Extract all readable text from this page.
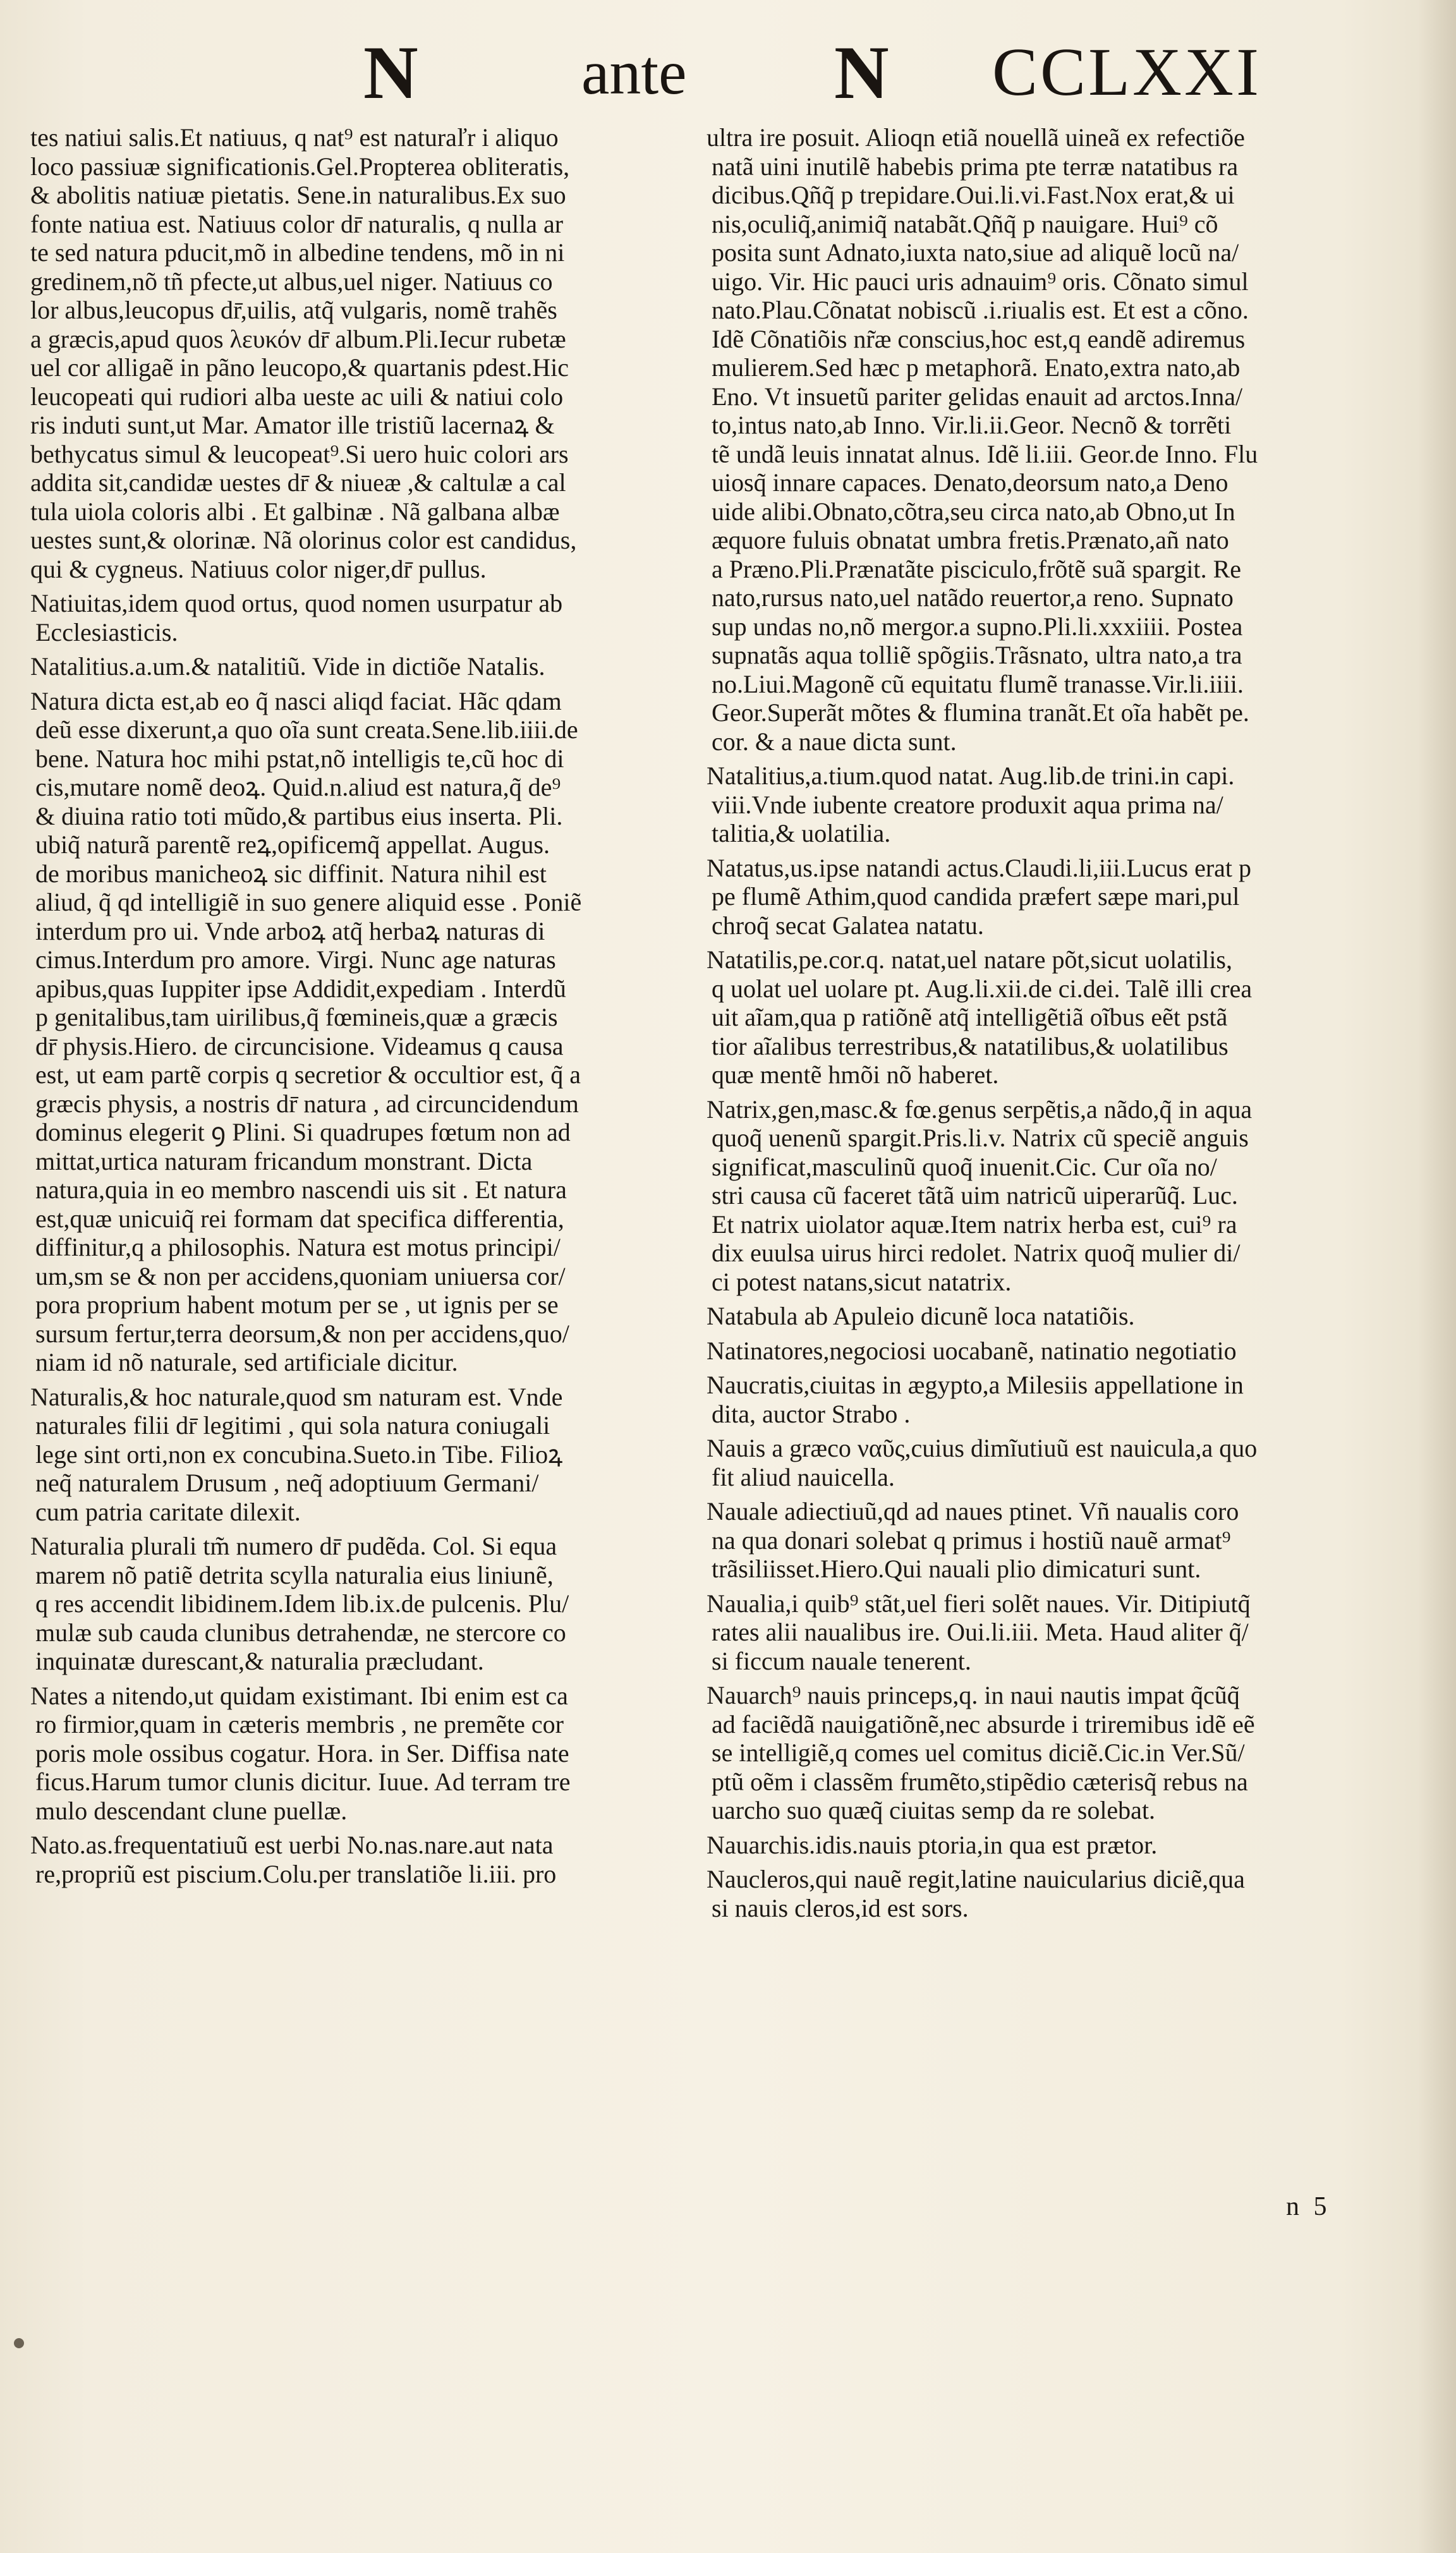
N	ante N CCLXXI
tes natiui salis.Et natiuus, q nat⁹ est naturaľr i aliquo
loco passiuæ significationis.Gel.Propterea obliteratis,
& abolitis natiuæ pietatis. Sene.in naturalibus.Ex suo
fonte natiua est. Natiuus color dr̄ naturalis, q nulla ar
te sed natura pducit,mõ in albedine tendens, mõ in ni
gredinem,nõ tñ pfecte,ut albus,uel niger. Natiuus co
lor albus,leucopus dr̄,uilis, atq̃ vulgaris, nomẽ trahẽs
a græcis,apud quos λευκόν dr̄ album.Pli.Iecur rubetæ
uel cor alligaẽ in pãno leucopo,& quartanis pdest.Hic
leucopeati qui rudiori alba ueste ac uili & natiui colo
ris induti sunt,ut Mar. Amator ille tristiũ lacernaꝝ &
bethycatus simul & leucopeat⁹.Si uero huic colori ars
addita sit,candidæ uestes dr̄ & niueæ ,& caltulæ a cal
tula uiola coloris albi . Et galbinæ . Nã galbana albæ
uestes sunt,& olorinæ. Nã olorinus color est candidus,
qui & cygneus. Natiuus color niger,dr̄ pullus.
Natiuitas,idem quod ortus, quod nomen usurpatur ab
Ecclesiasticis.
Natalitius.a.um.& natalitiũ. Vide in dictiõe Natalis.
Natura dicta est,ab eo q̃ nasci aliqd faciat. Hãc qdam
deũ esse dixerunt,a quo oĩa sunt creata.Sene.lib.iiii.de
bene. Natura hoc mihi pstat,nõ intelligis te,cũ hoc di
cis,mutare nomẽ deoꝝ. Quid.n.aliud est natura,q̃ de⁹
& diuina ratio toti mũdo,& partibus eius inserta. Pli.
ubiq̃ naturã parentẽ reꝝ,opificemq̃ appellat. Augus.
de moribus manicheoꝝ sic diffinit. Natura nihil est
aliud, q̃ qd intelligiẽ in suo genere aliquid esse . Poniẽ
interdum pro ui. Vnde arboꝝ atq̃ herbaꝝ naturas di
cimus.Interdum pro amore. Virgi. Nunc age naturas
apibus,quas Iuppiter ipse Addidit,expediam . Interdũ
p genitalibus,tam uirilibus,q̃ fœmineis,quæ a græcis
dr̄ physis.Hiero. de circuncisione. Videamus q causa
est, ut eam partẽ corpis q secretior & occultior est, q̃ a
græcis physis, a nostris dr̄ natura , ad circuncidendum
dominus elegerit ꝯ Plini. Si quadrupes fœtum non ad
mittat,urtica naturam fricandum monstrant. Dicta
natura,quia in eo membro nascendi uis sit . Et natura
est,quæ unicuiq̃ rei formam dat specifica differentia,
diffinitur,q a philosophis. Natura est motus principi/
um,sm se & non per accidens,quoniam uniuersa cor/
pora proprium habent motum per se , ut ignis per se
sursum fertur,terra deorsum,& non per accidens,quo/
niam id nõ naturale, sed artificiale dicitur.
Naturalis,& hoc naturale,quod sm naturam est. Vnde
naturales filii dr̄ legitimi , qui sola natura coniugali
lege sint orti,non ex concubina.Sueto.in Tibe. Filioꝝ
neq̃ naturalem Drusum , neq̃ adoptiuum Germani/
cum patria caritate dilexit.
Naturalia plurali tm̃ numero dr̄ pudẽda. Col. Si equa
marem nõ patiẽ detrita scylla naturalia eius liniunẽ,
q res accendit libidinem.Idem lib.ix.de pulcenis. Plu/
mulæ sub cauda clunibus detrahendæ, ne stercore co
inquinatæ durescant,& naturalia præcludant.
Nates a nitendo,ut quidam existimant. Ibi enim est ca
ro firmior,quam in cæteris membris , ne premẽte cor
poris mole ossibus cogatur. Hora. in Ser. Diffisa nate
ficus.Harum tumor clunis dicitur. Iuue. Ad terram tre
mulo descendant clune puellæ.
Nato.as.frequentatiuũ est uerbi No.nas.nare.aut nata
re,propriũ est piscium.Colu.per translatiõe li.iii. pro
ultra ire posuit. Alioqn etiã nouellã uineã ex refectiõe
natã uini inutilẽ habebis prima pte terræ natatibus ra
dicibus.Qñq̃ p trepidare.Oui.li.vi.Fast.Nox erat,& ui
nis,oculiq̃,animiq̃ natabãt.Qñq̃ p nauigare. Hui⁹ cõ
posita sunt Adnato,iuxta nato,siue ad aliquẽ locũ na/
uigo. Vir. Hic pauci uris adnauim⁹ oris. Cõnato simul
nato.Plau.Cõnatat nobiscũ .i.riualis est. Et est a cõno.
Idẽ Cõnatiõis nr̃æ conscius,hoc est,q eandẽ adiremus
mulierem.Sed hæc p metaphorã. Enato,extra nato,ab
Eno. Vt insuetũ pariter gelidas enauit ad arctos.Inna/
to,intus nato,ab Inno. Vir.li.ii.Geor. Necnõ & torrẽti
tẽ undã leuis innatat alnus. Idẽ li.iii. Geor.de Inno. Flu
uiosq̃ innare capaces. Denato,deorsum nato,a Deno
uide alibi.Obnato,cõtra,seu circa nato,ab Obno,ut In
æquore fuluis obnatat umbra fretis.Prænato,añ nato
a Præno.Pli.Prænatãte pisciculo,frõtẽ suã spargit. Re
nato,rursus nato,uel natãdo reuertor,a reno. Supnato
sup undas no,nõ mergor.a supno.Pli.li.xxxiiii. Postea
supnatãs aqua tolliẽ spõgiis.Trãsnato, ultra nato,a tra
no.Liui.Magonẽ cũ equitatu flumẽ tranasse.Vir.li.iiii.
Geor.Superãt mõtes & flumina tranãt.Et oĩa habẽt pe.
cor. & a naue dicta sunt.
Natalitius,a.tium.quod natat. Aug.lib.de trini.in capi.
viii.Vnde iubente creatore produxit aqua prima na/
talitia,& uolatilia.
Natatus,us.ipse natandi actus.Claudi.li,iii.Lucus erat p
pe flumẽ Athim,quod candida præfert sæpe mari,pul
chroq̃ secat Galatea natatu.
Natatilis,pe.cor.q. natat,uel natare põt,sicut uolatilis,
q uolat uel uolare pt. Aug.li.xii.de ci.dei. Talẽ illi crea
uit aĩam,qua p ratiõnẽ atq̃ intelligẽtiã oĩbus eẽt pstã
tior aĩalibus terrestribus,& natatilibus,& uolatilibus
quæ mentẽ hmõi nõ haberet.
Natrix,gen,masc.& fœ.genus serpẽtis,a nãdo,q̃ in aqua
quoq̃ uenenũ spargit.Pris.li.v. Natrix cũ speciẽ anguis
significat,masculinũ quoq̃ inuenit.Cic. Cur oĩa no/
stri causa cũ faceret tãtã uim natricũ uiperarũq̃. Luc.
Et natrix uiolator aquæ.Item natrix herba est, cui⁹ ra
dix euulsa uirus hirci redolet. Natrix quoq̃ mulier di/
ci potest natans,sicut natatrix.
Natabula ab Apuleio dicunẽ loca natatiõis.
Natinatores,negociosi uocabanẽ, natinatio negotiatio
Naucratis,ciuitas in ægypto,a Milesiis appellatione in
dita, auctor Strabo .
Nauis a græco ναῦς,cuius dimĩutiuũ est nauicula,a quo
fit aliud nauicella.
Nauale adiectiuũ,qd ad naues ptinet. Vñ naualis coro
na qua donari solebat q primus i hostiũ nauẽ armat⁹
trãsiliisset.Hiero.Qui nauali plio dimicaturi sunt.
Naualia,i quib⁹ stãt,uel fieri solẽt naues. Vir. Ditipiutq̃
rates alii naualibus ire. Oui.li.iii. Meta. Haud aliter q̃/
si ficcum nauale tenerent.
Nauarch⁹ nauis princeps,q. in naui nautis impat q̃cũq̃
ad faciẽdã nauigatiõnẽ,nec absurde i triremibus idẽ eẽ
se intelligiẽ,q comes uel comitus diciẽ.Cic.in Ver.Sũ/
ptũ oẽm i classẽm frumẽto,stipẽdio cæterisq̃ rebus na
uarcho suo quæq̃ ciuitas semp da re solebat.
Nauarchis.idis.nauis ptoria,in qua est prætor.
Naucleros,qui nauẽ regit,latine nauicularius diciẽ,qua
si nauis cleros,id est sors.
n 5
